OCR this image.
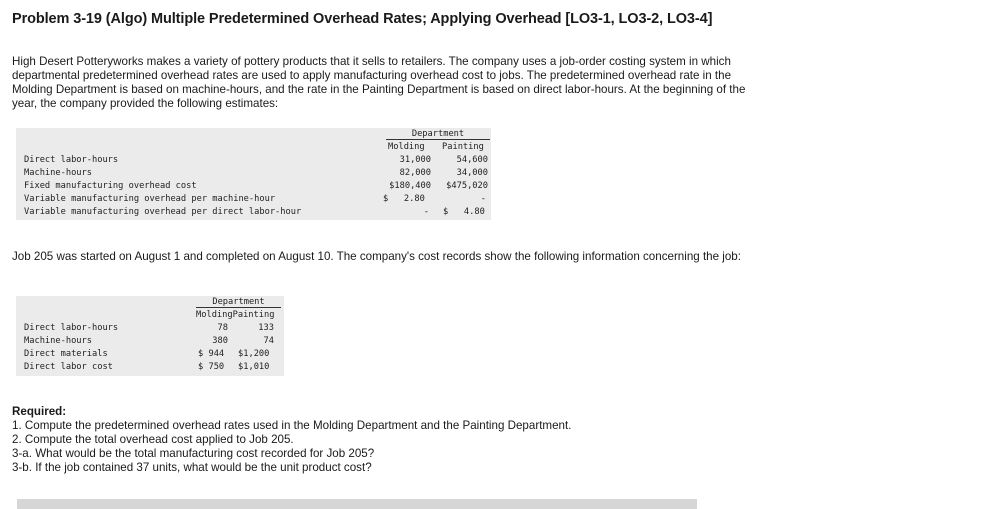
Problem 3-19 (Algo) Multiple Predetermined Overhead Rates; Applying Overhead [LO3-1, LO3-2, LO3-4]
High Desert Potteryworks makes a variety of pottery products that it sells to retailers. The company uses a job-order costing system in which departmental predetermined overhead rates are used to apply manufacturing overhead cost to jobs. The predetermined overhead rate in the Molding Department is based on machine-hours, and the rate in the Painting Department is based on direct labor-hours. At the beginning of the year, the company provided the following estimates:
Department
Molding Painting
Direct labor-hours	31,000	54,600
Machine-hours	82,000	34,000
Fixed manufacturing overhead cost	$180,400	$475,020
Variable manufacturing overhead per machine-hour	$   2.80	-
Variable manufacturing overhead per direct labor-hour	- $   4.80
Job 205 was started on August 1 and completed on August 10. The company's cost records show the following information concerning the job:
Department
MoldingPainting
Direct labor-hours	78	133
Machine-hours	380	74
Direct materials	$ 944 $1,200
Direct labor cost	$ 750 $1,010
Required:
1. Compute the predetermined overhead rates used in the Molding Department and the Painting Department.
2. Compute the total overhead cost applied to Job 205.
3-a. What would be the total manufacturing cost recorded for Job 205?
3-b. If the job contained 37 units, what would be the unit product cost?
